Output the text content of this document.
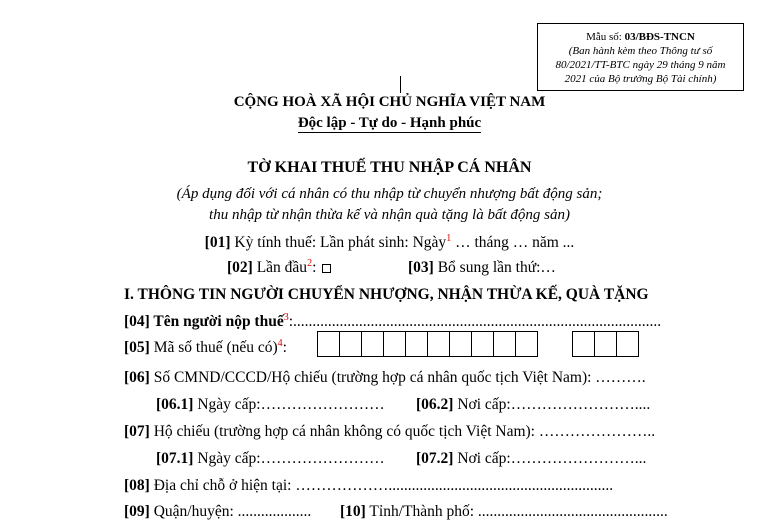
Mẫu số: 03/BĐS-TNCN
(Ban hành kèm theo Thông tư số
80/2021/TT-BTC ngày 29 tháng 9 năm
2021 của Bộ trưởng Bộ Tài chính)
CỘNG HOÀ XÃ HỘI CHỦ NGHĨA VIỆT NAM
Độc lập - Tự do - Hạnh phúc
TỜ KHAI THUẾ THU NHẬP CÁ NHÂN
(Áp dụng đối với cá nhân có thu nhập từ chuyển nhượng bất động sản;
thu nhập từ nhận thừa kế và nhận quà tặng là bất động sản)
[01] Kỳ tính thuế: Lần phát sinh: Ngày$^1$ … tháng … năm ...
[02] Lần đầu$^2$:	[03] Bổ sung lần thứ:…
I. THÔNG TIN NGƯỜI CHUYỂN NHƯỢNG, NHẬN THỪA KẾ, QUÀ TẶNG
[04] Tên người nộp thuế$^3$:...............................................................................................
[05] Mã số thuế (nếu có)$^4$:
[06] Số CMND/CCCD/Hộ chiếu (trường hợp cá nhân quốc tịch Việt Nam): ……….
[06.1] Ngày cấp:…………………… [06.2] Nơi cấp:……………………....
[07] Hộ chiếu (trường hợp cá nhân không có quốc tịch Việt Nam): …………………..
[07.1] Ngày cấp:…………………… [07.2] Nơi cấp:……………………...
[08] Địa chỉ chỗ ở hiện tại: ………………..........................................................
[09] Quận/huyện: ................... [10] Tỉnh/Thành phố: .................................................
